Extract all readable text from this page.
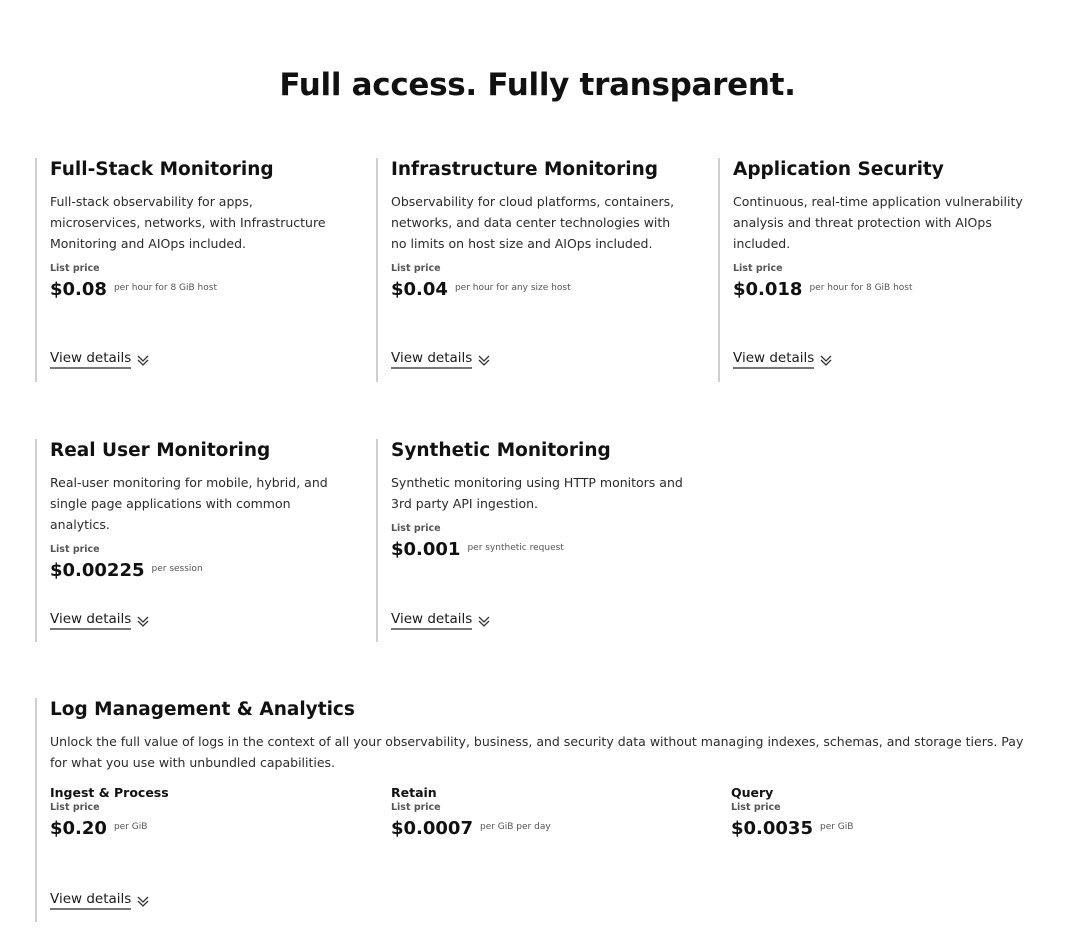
Full access. Fully transparent.
Full-Stack Monitoring
Full-stack observability for apps, microservices, networks, with Infrastructure Monitoring and AIOps included.
List price
$0.08 per hour for 8 GiB host
View details
Infrastructure Monitoring
Observability for cloud platforms, containers, networks, and data center technologies with no limits on host size and AIOps included.
List price
$0.04 per hour for any size host
View details
Application Security
Continuous, real-time application vulnerability analysis and threat protection with AIOps included.
List price
$0.018 per hour for 8 GiB host
View details
Real User Monitoring
Real-user monitoring for mobile, hybrid, and single page applications with common analytics.
List price
$0.00225 per session
View details
Synthetic Monitoring
Synthetic monitoring using HTTP monitors and 3rd party API ingestion.
List price
$0.001 per synthetic request
View details
Log Management & Analytics
Unlock the full value of logs in the context of all your observability, business, and security data without managing indexes, schemas, and storage tiers. Pay for what you use with unbundled capabilities.
Ingest & Process
List price
$0.20 per GiB
Retain
List price
$0.0007 per GiB per day
Query
List price
$0.0035 per GiB
View details
